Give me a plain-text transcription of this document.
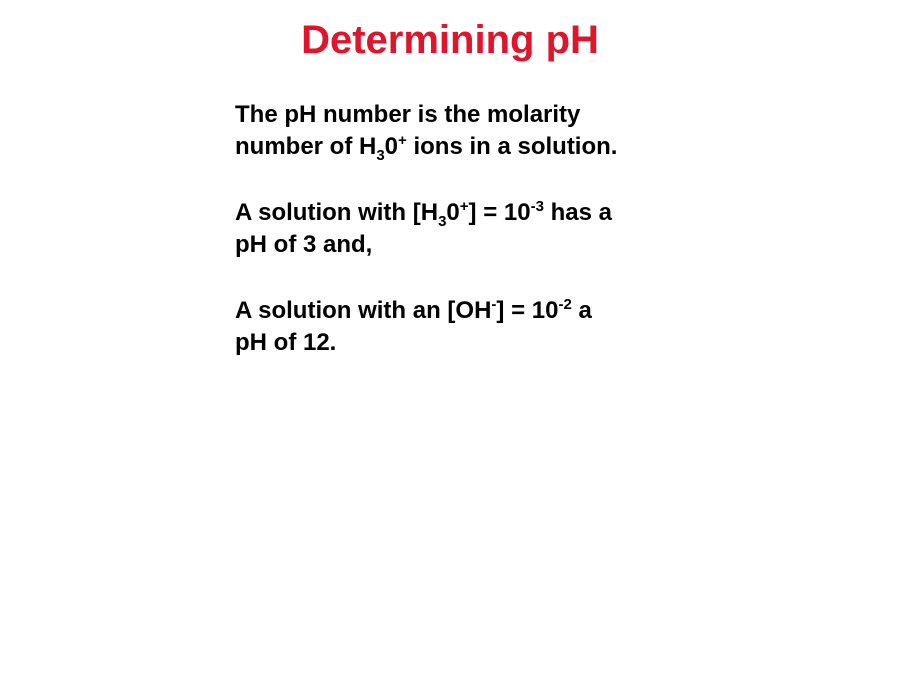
Determining pH

The pH number is the molarity

number of $H_30^+$ ions in a solution.

A solution with $[H_30^+] = 10^{-3}$ has a

pH of 3 and,

A solution with an $[OH^-] = 10^{-2}$ a

pH of 12.
